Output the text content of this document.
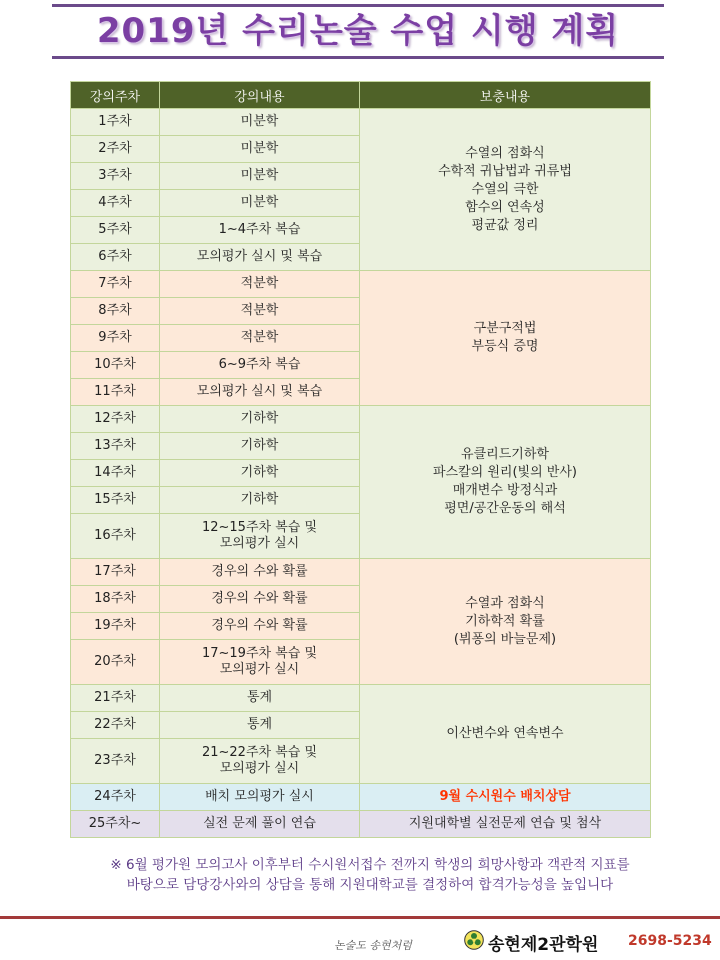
2019년 수리논술 수업 시행 계획
강의주차	강의내용	보충내용
1주차	미분학	수열의 점화식
수학적 귀납법과 귀류법
수열의 극한
함수의 연속성
평균값 정리

2주차	미분학	

3주차	미분학	

4주차	미분학	

5주차	1~4주차 복습	

6주차	모의평가 실시 및 복습	

7주차	적분학	구분구적법
부등식 증명

8주차	적분학	

9주차	적분학	

10주차	6~9주차 복습	

11주차	모의평가 실시 및 복습	

12주차	기하학	유클리드기하학
파스칼의 원리(빛의 반사)
매개변수 방정식과
평면/공간운동의 해석

13주차	기하학	

14주차	기하학	

15주차	기하학	

16주차	12~15주차 복습 및
모의평가 실시	

17주차	경우의 수와 확률	수열과 점화식
기하학적 확률
(뷔퐁의 바늘문제)

18주차	경우의 수와 확률	

19주차	경우의 수와 확률	

20주차	17~19주차 복습 및
모의평가 실시	

21주차	통계	이산변수와 연속변수

22주차	통계	

23주차	21~22주차 복습 및
모의평가 실시	

24주차	배치 모의평가 실시	9월 수시원수 배치상담
25주차~	실전 문제 풀이 연습	지원대학별 실전문제 연습 및 첨삭
※ 6월 평가원 모의고사 이후부터 수시원서접수 전까지 학생의 희망사항과 객관적 지표를
바탕으로 담당강사와의 상담을 통해 지원대학교를 결정하여 합격가능성을 높입니다
논술도 송현처럼	송현제2관학원 2698-5234
